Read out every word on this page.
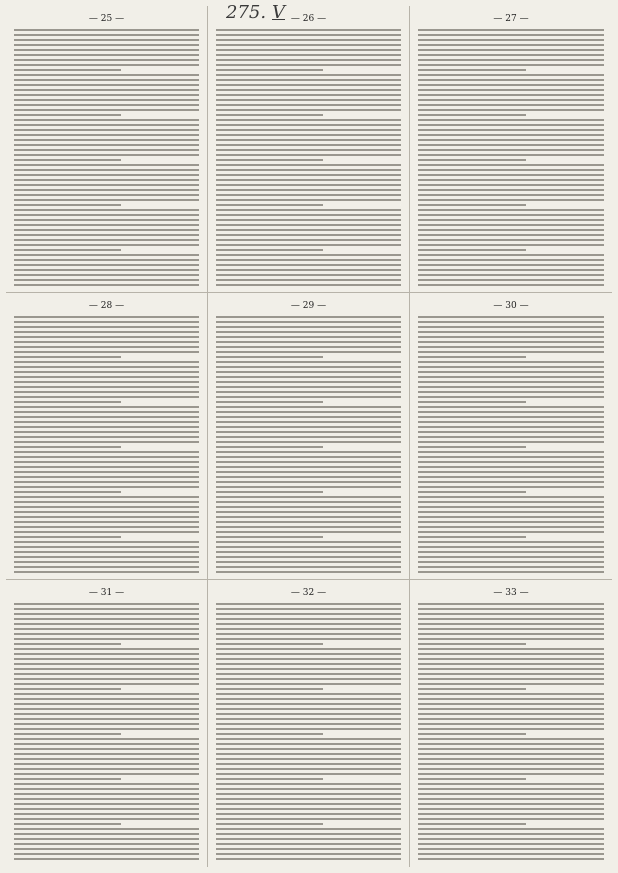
275. V
— 25 —	— 26 —	— 27 —
— 28 —	— 29 —	— 30 —
— 31 —	— 32 —	— 33 —
